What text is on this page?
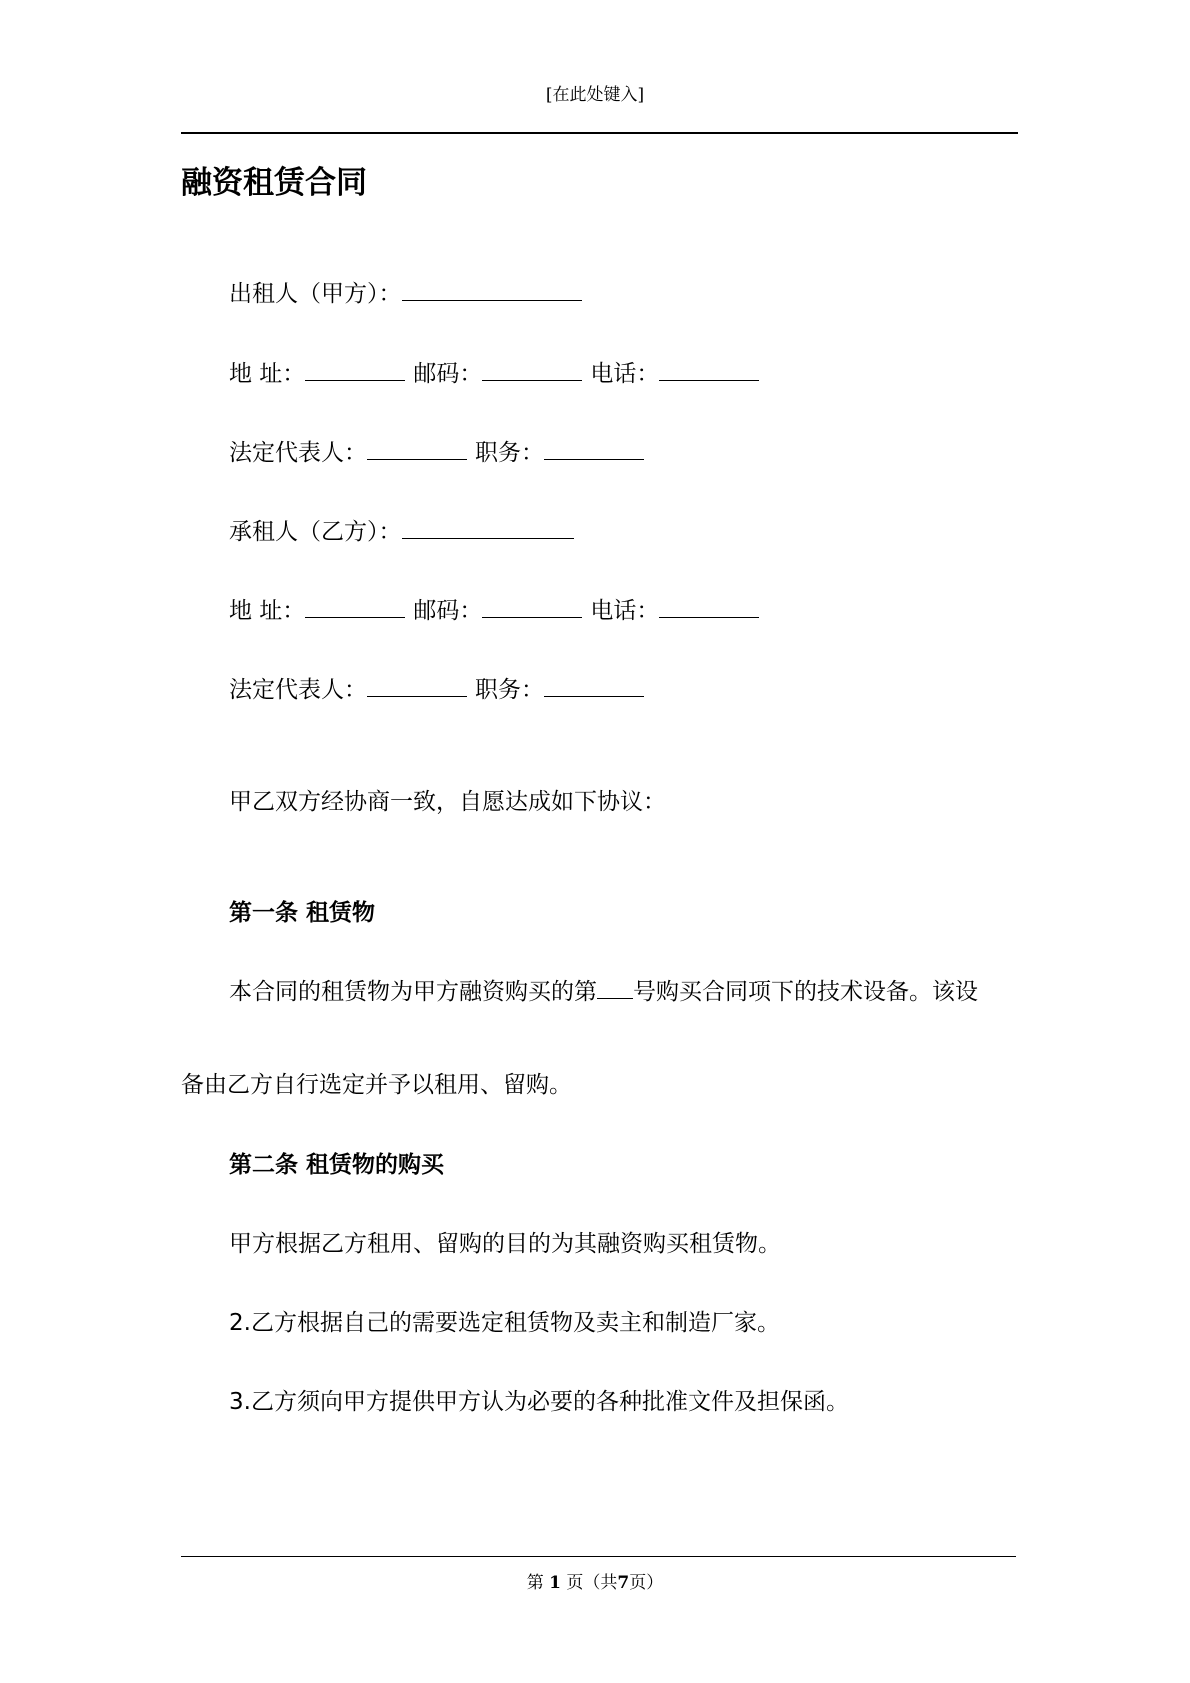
[在此处键入]
融资租赁合同
出租人（甲方）：
地 址：	邮码：	电话：
法定代表人：	职务：
承租人（乙方）：
地 址：	邮码：	电话：
法定代表人：	职务：
甲乙双方经协商一致，自愿达成如下协议：
第一条 租赁物
本合同的租赁物为甲方融资购买的第 号购买合同项下的技术设备。该设
备由乙方自行选定并予以租用、留购。
第二条 租赁物的购买
甲方根据乙方租用、留购的目的为其融资购买租赁物。
2.乙方根据自己的需要选定租赁物及卖主和制造厂家。
3.乙方须向甲方提供甲方认为必要的各种批准文件及担保函。
第 1 页（共7页）
